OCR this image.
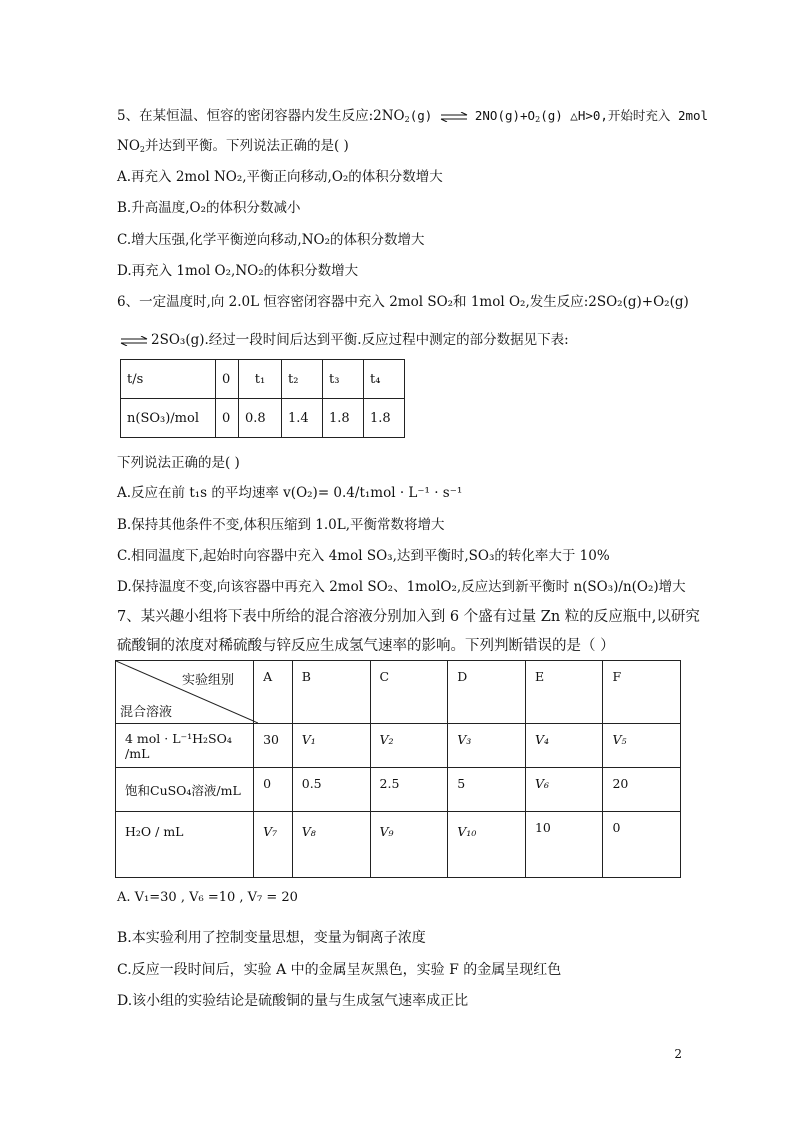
5、在某恒温、恒容的密闭容器内发生反应$:2NO_2(g)$ ⇌ $2NO(g)+O_2(g)$ △H>0,开始时充入 2mol
$NO_2$并达到平衡。下列说法正确的是( )
A.再充入 2mol NO₂,平衡正向移动,O₂的体积分数增大
B.升高温度,O₂的体积分数减小
C.增大压强,化学平衡逆向移动,NO₂的体积分数增大
D.再充入 1mol O₂,NO₂的体积分数增大
6、一定温度时,向 2.0L 恒容密闭容器中充入 2mol SO₂和 1mol O₂,发生反应:2SO₂(g)+O₂(g)
⇌ 2SO₃(g).经过一段时间后达到平衡.反应过程中测定的部分数据见下表:
t/s	0	t₁	t₂	t₃	t₄
n(SO₃)/mol	0	0.8	1.4	1.8	1.8
下列说法正确的是( )
A.反应在前 t₁s 的平均速率 v(O₂)= 0.4/t₁mol · L⁻¹ · s⁻¹
B.保持其他条件不变,体积压缩到 1.0L,平衡常数将增大
C.相同温度下,起始时向容器中充入 4mol SO₃,达到平衡时,SO₃的转化率大于 10%
D.保持温度不变,向该容器中再充入 2mol SO₂、1molO₂,反应达到新平衡时 n(SO₃)/n(O₂)增大
7、某兴趣小组将下表中所给的混合溶液分别加入到 6 个盛有过量 Zn 粒的反应瓶中,以研究
硫酸铜的浓度对稀硫酸与锌反应生成氢气速率的影响。下列判断错误的是（ ）
实验组别
混合溶液	A	B	C	D	E	F
4 mol · L⁻¹H₂SO₄ /mL	30	V₁	V₂	V₃	V₄	V₅
饱和CuSO₄溶液/mL	0	0.5	2.5	5	V₆	20
H₂O / mL	V₇	V₈	V₉	V₁₀	10	0
A. V₁=30 , V₆ =10 , V₇ = 20
B.本实验利用了控制变量思想，变量为铜离子浓度
C.反应一段时间后，实验 A 中的金属呈灰黑色，实验 F 的金属呈现红色
D.该小组的实验结论是硫酸铜的量与生成氢气速率成正比
2
